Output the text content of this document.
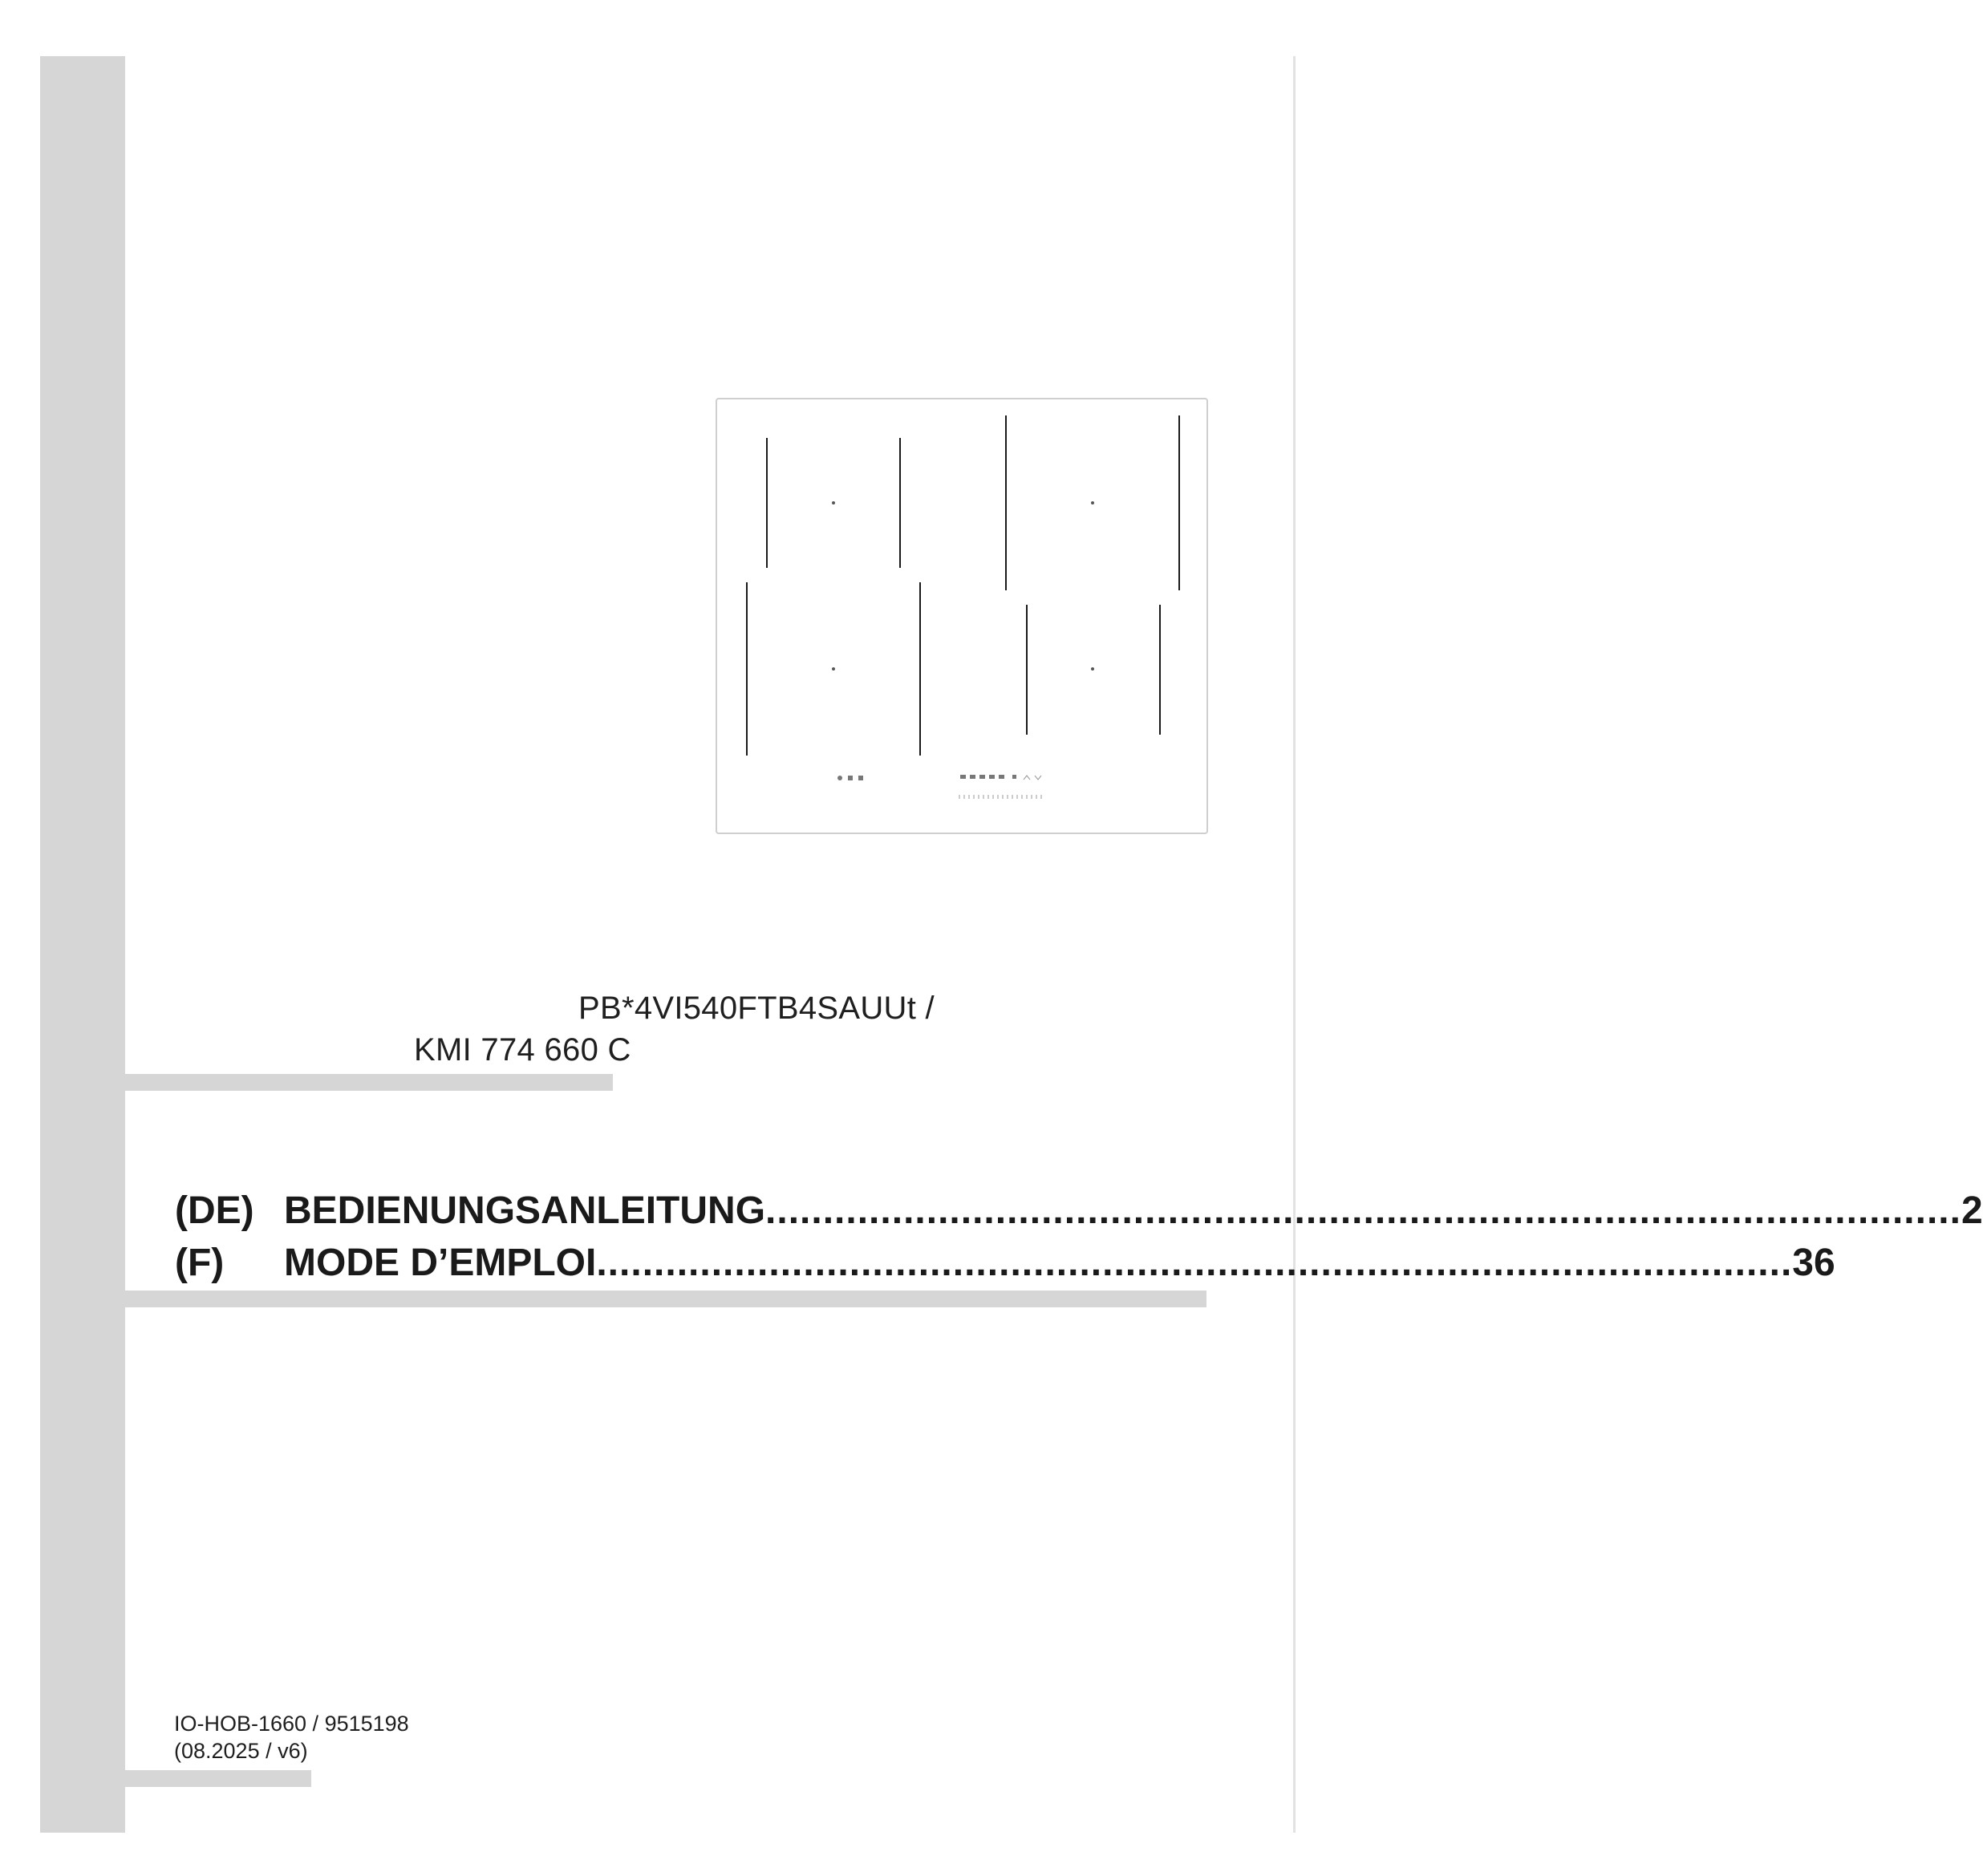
PB*4VI540FTB4SAUUt /
KMI 774 660 C
(DE) BEDIENUNGSANLEITUNG ........................................................................................................ 2
(F) MODE D’EMPLOI ........................................................................................................ 36
IO-HOB-1660 / 9515198
(08.2025 / v6)
